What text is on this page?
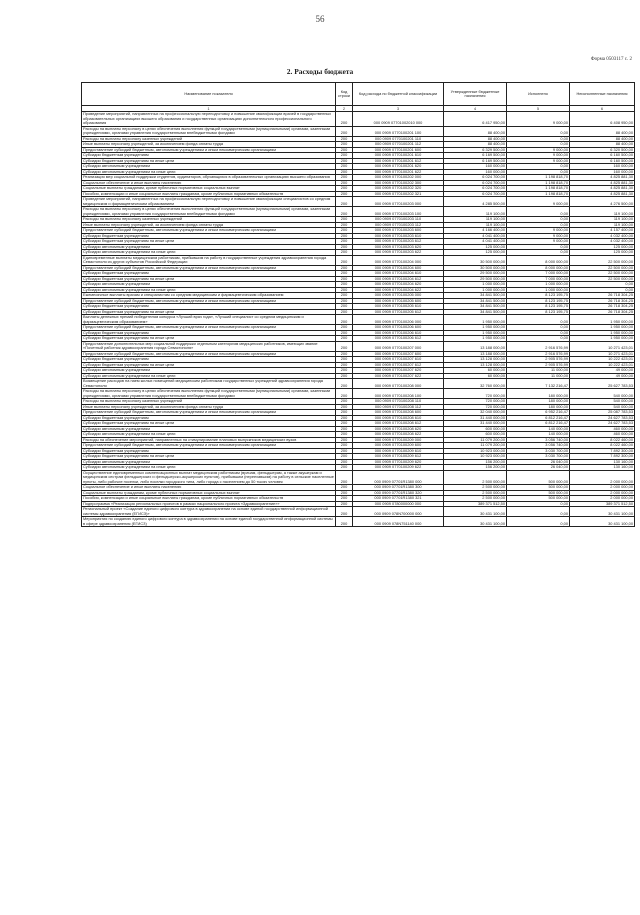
56
Форма 0503117 с. 2
2. Расходы бюджета
Наименование показателя	Код строки	Код расхода по бюджетной классификации	Утвержденные бюджетные назначения	Исполнено	Неисполненные назначения
1	2	3	4	5	6
Проведение мероприятий, направленных на профессиональную переподготовку и повышение квалификации врачей в государственных образовательных организациях высшего образования и государственных организациях дополнительного профессионального образования	200	000 0909 07701002010 000	6 417 950,00	9 000,00	6 408 950,00
Расходы на выплаты персоналу в целях обеспечения выполнения функций государственными (муниципальными) органами, казенными учреждениями, органами управления государственными внебюджетными фондами	200	000 0909 0770100201 100	88 400,00	0,00	88 400,00
Расходы на выплаты персоналу казенных учреждений	200	000 0909 0770100201 110	88 400,00	0,00	88 400,00
Иные выплаты персоналу учреждений, за исключением фонда оплаты труда	200	000 0909 0770100201 112	88 400,00	0,00	88 400,00
Предоставление субсидий бюджетным, автономным учреждениям и иным некоммерческим организациям	200	000 0909 0770100201 600	6 329 500,00	9 000,00	6 320 500,00
Субсидии бюджетным учреждениям	200	000 0909 0770100201 610	6 169 500,00	9 000,00	6 160 500,00
Субсидии бюджетным учреждениям на иные цели	200	000 0909 0770100201 612	6 169 500,00	9 000,00	6 160 500,00
Субсидии автономным учреждениям	200	000 0909 0770100201 620	160 000,00	0,00	160 000,00
Субсидии автономным учреждениям на иные цели	200	000 0909 0770100201 622	160 000,00	0,00	160 000,00
Реализация мер социальной поддержки студентов, ординаторов, обучающихся в образовательных организациях высшего образования	200	000 0909 0770100202 000	6 024 700,00	1 198 818,70	4 825 881,30
Социальное обеспечение и иные выплаты населению	200	000 0909 0770100202 300	6 024 700,00	1 198 818,70	4 825 881,30
Социальные выплаты гражданам, кроме публичных нормативных социальных выплат	200	000 0909 0770100202 320	6 024 700,00	1 198 818,70	4 825 881,30
Пособия, компенсации и иные социальные выплаты гражданам, кроме публичных нормативных обязательств	200	000 0909 0770100202 321	6 024 700,00	1 198 818,70	4 825 881,30
Проведение мероприятий, направленных на профессиональную переподготовку и повышение квалификации специалистов со средним медицинским и фармацевтическим образованием	200	000 0909 0770100203 000	4 285 500,00	9 000,00	4 276 500,00
Расходы на выплаты персоналу в целях обеспечения выполнения функций государственными (муниципальными) органами, казенными учреждениями, органами управления государственными внебюджетными фондами	200	000 0909 0770100203 100	119 100,00	0,00	119 100,00
Расходы на выплаты персоналу казенных учреждений	200	000 0909 0770100203 110	119 100,00	0,00	119 100,00
Иные выплаты персоналу учреждений, за исключением фонда оплаты труда	200	000 0909 0770100203 112	119 100,00	0,00	119 100,00
Предоставление субсидий бюджетным, автономным учреждениям и иным некоммерческим организациям	200	000 0909 0770100203 600	4 166 400,00	9 000,00	4 157 400,00
Субсидии бюджетным учреждениям	200	000 0909 0770100203 610	4 041 400,00	9 000,00	4 032 400,00
Субсидии бюджетным учреждениям на иные цели	200	000 0909 0770100203 612	4 041 400,00	9 000,00	4 032 400,00
Субсидии автономным учреждениям	200	000 0909 0770100203 620	125 000,00	0,00	125 000,00
Субсидии автономным учреждениям на иные цели	200	000 0909 0770100203 622	125 000,00	0,00	125 000,00
Единовременные выплаты медицинским работникам, прибывшим на работу в государственные учреждения здравоохранения города Севастополя из других субъектов Российской Федерации	200	000 0909 0770100204 000	30 500 000,00	8 000 000,00	22 500 000,00
Предоставление субсидий бюджетным, автономным учреждениям и иным некоммерческим организациям	200	000 0909 0770100204 600	30 500 000,00	8 000 000,00	22 500 000,00
Субсидии бюджетным учреждениям	200	000 0909 0770100204 610	29 500 000,00	7 000 000,00	22 500 000,00
Субсидии бюджетным учреждениям на иные цели	200	000 0909 0770100204 612	29 500 000,00	7 000 000,00	22 500 000,00
Субсидии автономным учреждениям	200	000 0909 0770100204 620	1 000 000,00	1 000 000,00	0,00
Субсидии автономным учреждениям на иные цели	200	000 0909 0770100204 622	1 000 000,00	1 000 000,00	0,00
Ежемесячные выплаты врачам и специалистам со средним медицинским и фармацевтическим образованием	200	000 0909 0770100205 000	34 841 500,00	8 123 195,75	26 718 304,25
Предоставление субсидий бюджетным, автономным учреждениям и иным некоммерческим организациям	200	000 0909 0770100205 600	34 841 500,00	8 123 195,75	26 718 304,25
Субсидии бюджетным учреждениям	200	000 0909 0770100205 610	34 841 500,00	8 123 195,75	26 718 304,25
Субсидии бюджетным учреждениям на иные цели	200	000 0909 0770100205 612	34 841 500,00	8 123 195,75	26 718 304,25
Выплаты денежных премий победителям конкурса «Лучший врач года», «Лучший специалист со средним медицинским и фармацевтическим образованием»	200	000 0909 0770100206 000	1 950 000,00	0,00	1 950 000,00
Предоставление субсидий бюджетным, автономным учреждениям и иным некоммерческим организациям	200	000 0909 0770100206 600	1 950 000,00	0,00	1 950 000,00
Субсидии бюджетным учреждениям	200	000 0909 0770100206 610	1 950 000,00	0,00	1 950 000,00
Субсидии бюджетным учреждениям на иные цели	200	000 0909 0770100206 612	1 950 000,00	0,00	1 950 000,00
Предоставление дополнительных мер социальной поддержки отдельным категориям медицинских работников, имеющих звание «Почетный работник здравоохранения города Севастополя»	200	000 0909 0770100207 000	13 188 000,00	2 916 576,99	10 271 423,01
Предоставление субсидий бюджетным, автономным учреждениям и иным некоммерческим организациям	200	000 0909 0770100207 600	13 188 000,00	2 916 576,99	10 271 423,01
Субсидии бюджетным учреждениям	200	000 0909 0770100207 610	13 128 000,00	2 905 576,99	10 222 423,01
Субсидии бюджетным учреждениям на иные цели	200	000 0909 0770100207 612	13 128 000,00	2 905 576,99	10 222 423,01
Субсидии автономным учреждениям	200	000 0909 0770100207 620	60 000,00	11 000,00	49 000,00
Субсидии автономным учреждениям на иные цели	200	000 0909 0770100207 622	60 000,00	11 000,00	49 000,00
Возмещение расходов на наем жилых помещений медицинским работникам государственных учреждений здравоохранения города Севастополя	200	000 0909 0770100208 000	32 760 000,00	7 132 216,47	25 627 783,53
Расходы на выплаты персоналу в целях обеспечения выполнения функций государственными (муниципальными) органами, казенными учреждениями, органами управления государственными внебюджетными фондами	200	000 0909 0770100208 100	720 000,00	180 000,00	540 000,00
Расходы на выплаты персоналу казенных учреждений	200	000 0909 0770100208 110	720 000,00	180 000,00	540 000,00
Иные выплаты персоналу учреждений, за исключением фонда оплаты труда	200	000 0909 0770100208 112	720 000,00	180 000,00	540 000,00
Предоставление субсидий бюджетным, автономным учреждениям и иным некоммерческим организациям	200	000 0909 0770100208 600	32 040 000,00	6 952 216,47	25 087 783,53
Субсидии бюджетным учреждениям	200	000 0909 0770100208 610	31 440 000,00	6 812 216,47	24 627 783,53
Субсидии бюджетным учреждениям на иные цели	200	000 0909 0770100208 612	31 440 000,00	6 812 216,47	24 627 783,53
Субсидии автономным учреждениям	200	000 0909 0770100208 620	600 000,00	140 000,00	460 000,00
Субсидии автономным учреждениям на иные цели	200	000 0909 0770100208 622	600 000,00	140 000,00	460 000,00
Расходы на обеспечение мероприятий, направленных на стимулирование плановых выпускников медицинских вузов	200	000 0909 0770100209 000	11 079 200,00	3 056 740,00	8 022 460,00
Предоставление субсидий бюджетным, автономным учреждениям и иным некоммерческим организациям	200	000 0909 0770100209 600	11 079 200,00	3 056 740,00	8 022 460,00
Субсидии бюджетным учреждениям	200	000 0909 0770100209 610	10 923 000,00	3 030 700,00	7 892 300,00
Субсидии бюджетным учреждениям на иные цели	200	000 0909 0770100209 612	10 923 000,00	3 030 700,00	7 892 300,00
Субсидии автономным учреждениям	200	000 0909 0770100209 620	156 200,00	26 040,00	130 160,00
Субсидии автономным учреждениям на иные цели	200	000 0909 0770100209 622	156 200,00	26 040,00	130 160,00
Осуществление единовременных компенсационных выплат медицинским работникам (врачам, фельдшерам, а также акушеркам и медицинским сестрам фельдшерских и фельдшерско-акушерских пунктов), прибывшим (переехавшим) на работу в сельские населенные пункты, либо рабочие поселки, либо поселки городского типа, либо города с населением до 50 тысяч человек	200	000 0909 07701R1380 000	2 500 000,00	500 000,00	2 000 000,00
Социальное обеспечение и иные выплаты населению	200	000 0909 07701R1380 300	2 500 000,00	500 000,00	2 000 000,00
Социальные выплаты гражданам, кроме публичных нормативных социальных выплат	200	000 0909 07701R1380 320	2 500 000,00	500 000,00	2 000 000,00
Пособия, компенсации и иные социальные выплаты гражданам, кроме публичных нормативных обязательств	200	000 0909 07701R1380 321	2 500 000,00	500 000,00	2 000 000,00
Подпрограмма «Реализация региональных проектов в рамках национального проекта «Здравоохранение»»	200	000 0909 0780000000 000	389 371 512,50	0,00	389 371 512,50
Региональный проект «Создание единого цифрового контура в здравоохранении на основе единой государственной информационной системы здравоохранения (ЕГИСЗ)»	200	000 0909 078N700000 000	30 431 100,00	0,00	30 431 100,00
Мероприятия по созданию единого цифрового контура в здравоохранении на основе единой государственной информационной системы в сфере здравоохранения (ЕГИСЗ)	200	000 0909 078N751140 000	30 431 100,00	0,00	30 431 100,00
